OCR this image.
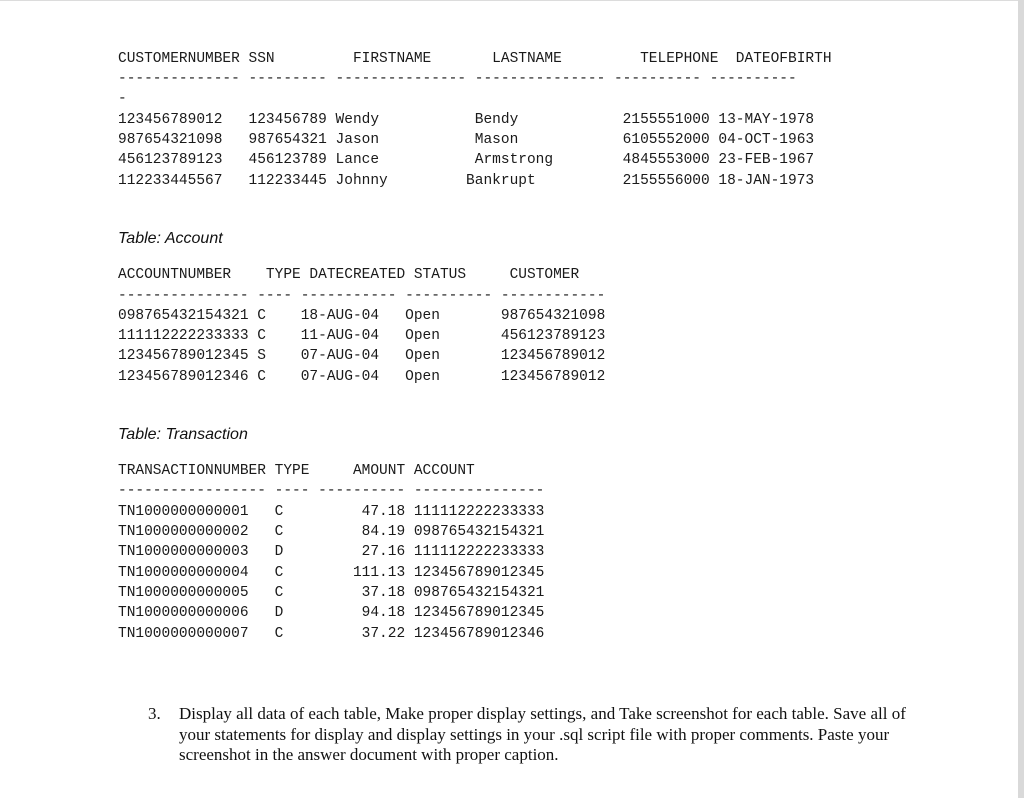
CUSTOMERNUMBER SSN         FIRSTNAME       LASTNAME         TELEPHONE  DATEOFBIRTH
-------------- --------- --------------- --------------- ---------- ----------
-
123456789012   123456789 Wendy           Bendy            2155551000 13-MAY-1978
987654321098   987654321 Jason           Mason            6105552000 04-OCT-1963
456123789123   456123789 Lance           Armstrong        4845553000 23-FEB-1967
112233445567   112233445 Johnny         Bankrupt          2155556000 18-JAN-1973
Table: Account
ACCOUNTNUMBER    TYPE DATECREATED STATUS     CUSTOMER
--------------- ---- ----------- ---------- ------------
098765432154321 C    18-AUG-04   Open       987654321098
111112222233333 C    11-AUG-04   Open       456123789123
123456789012345 S    07-AUG-04   Open       123456789012
123456789012346 C    07-AUG-04   Open       123456789012
Table: Transaction
TRANSACTIONNUMBER TYPE     AMOUNT ACCOUNT
----------------- ---- ---------- ---------------
TN1000000000001   C         47.18 111112222233333
TN1000000000002   C         84.19 098765432154321
TN1000000000003   D         27.16 111112222233333
TN1000000000004   C        111.13 123456789012345
TN1000000000005   C         37.18 098765432154321
TN1000000000006   D         94.18 123456789012345
TN1000000000007   C         37.22 123456789012346
3. Display all data of each table, Make proper display settings, and Take screenshot for each table. Save all of your statements for display and display settings in your .sql script file with proper comments. Paste your screenshot in the answer document with proper caption.
